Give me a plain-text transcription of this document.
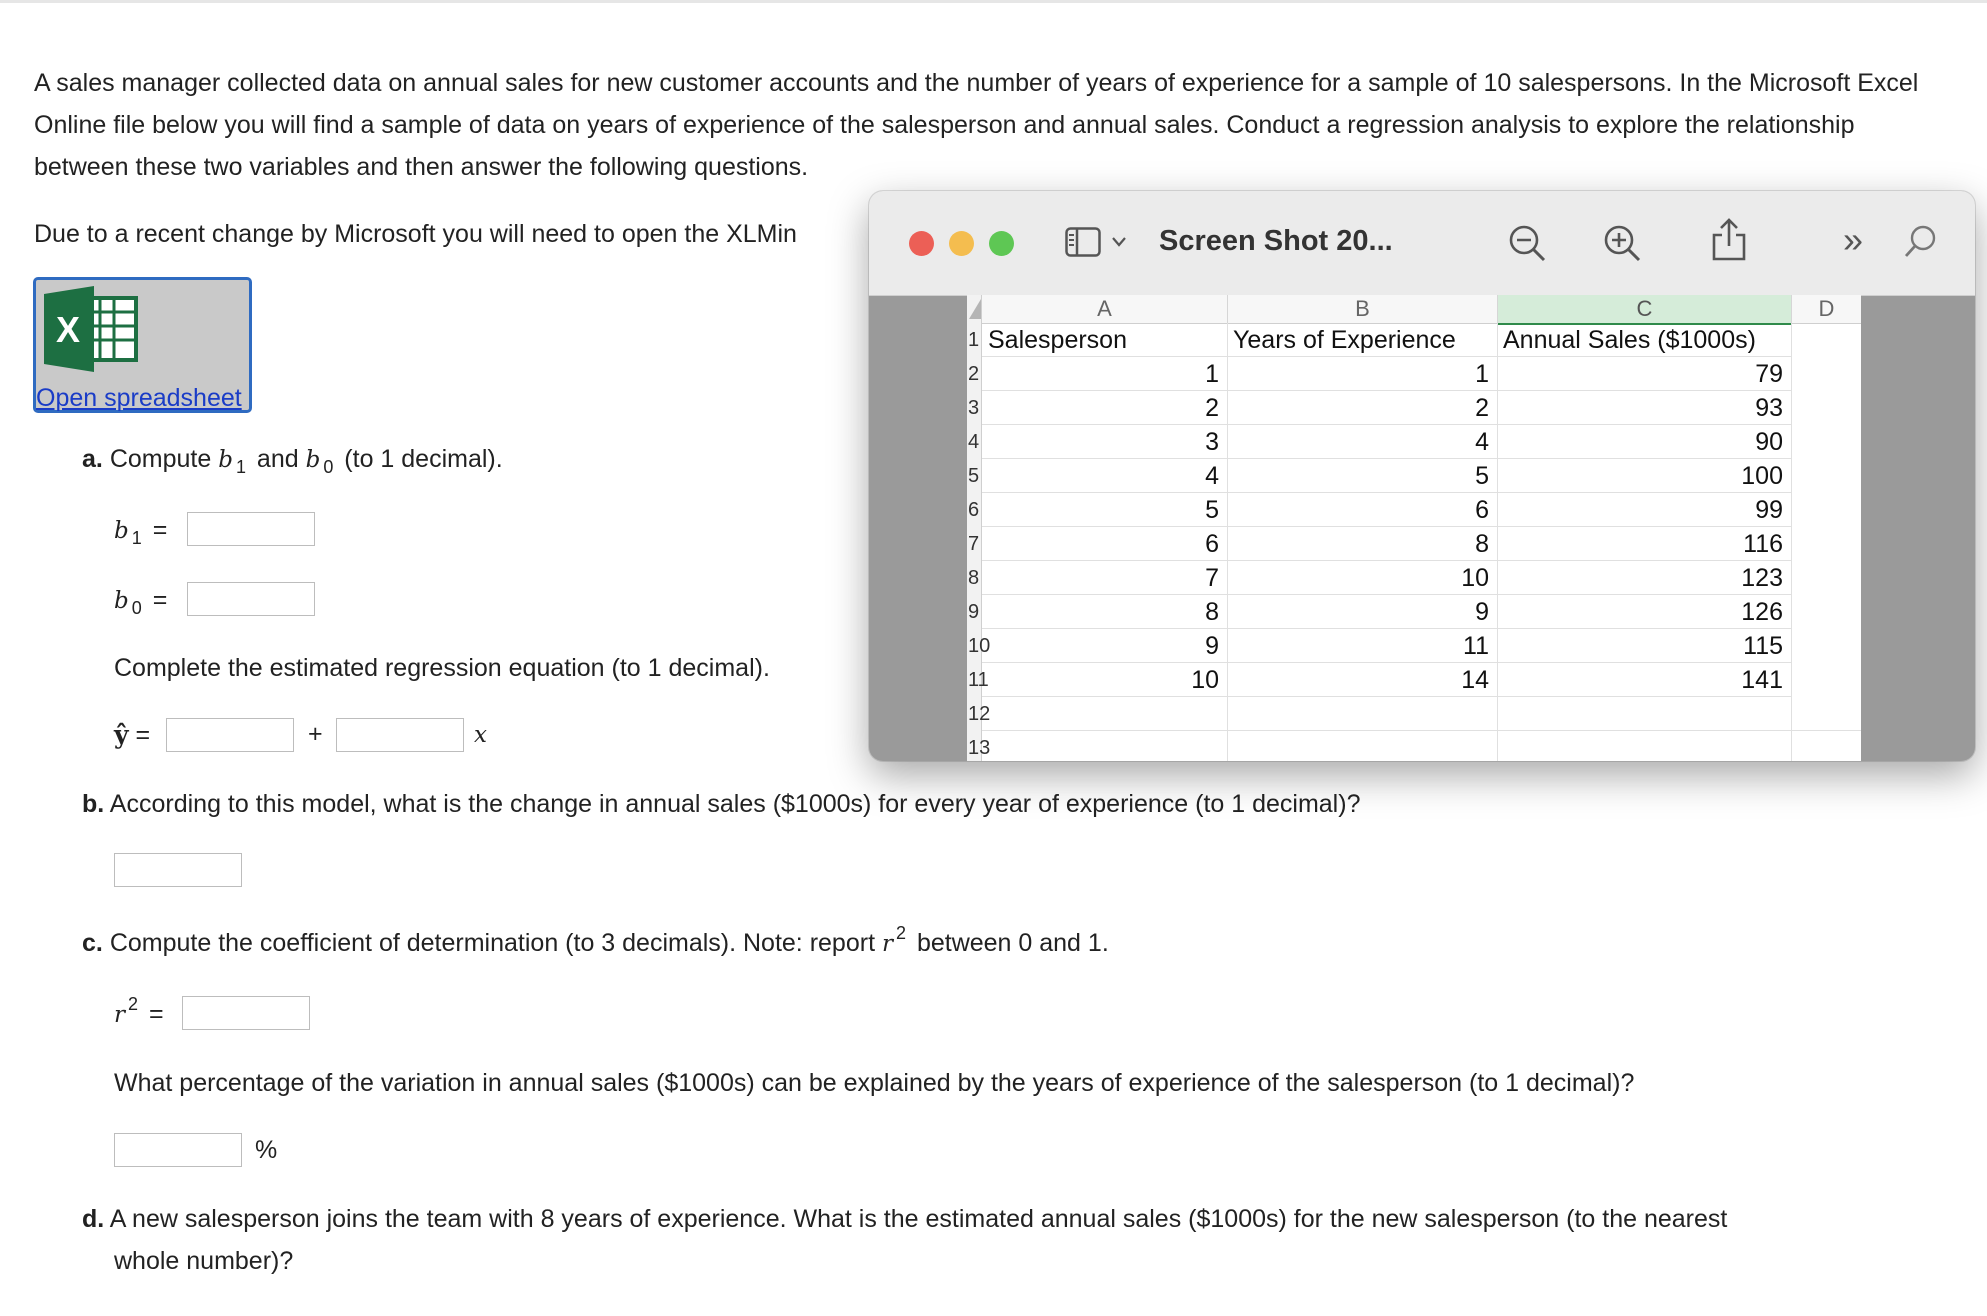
A sales manager collected data on annual sales for new customer accounts and the number of years of experience for a sample of 10 salespersons. In the Microsoft Excel Online file below you will find a sample of data on years of experience of the salesperson and annual sales. Conduct a regression analysis to explore the relationship between these two variables and then answer the following questions.
Due to a recent change by Microsoft you will need to open the XLMin
X
Open spreadsheet
a. Compute b $_1$ and b $_0$ (to 1 decimal).
b $_1$ =
b $_0$ =
Complete the estimated regression equation (to 1 decimal).
ŷ =	+	x
b. According to this model, what is the change in annual sales ($1000s) for every year of experience (to 1 decimal)?
c. Compute the coefficient of determination (to 3 decimals). Note: report r $^2$ between 0 and 1.
r $^2$ =
What percentage of the variation in annual sales ($1000s) can be explained by the years of experience of the salesperson (to 1 decimal)?
%
d. A new salesperson joins the team with 8 years of experience. What is the estimated annual sales ($1000s) for the new salesperson (to the nearest
whole number)?
Screen Shot 20...	»
A	B	C	D
1
2
3
4
5
6
7
8
9
10
11
12
13
Salesperson	Years of Experience	Annual Sales ($1000s)
1	1	79
2	2	93
3	4	90
4	5	100
5	6	99
6	8	116
7	10	123
8	9	126
9	11	115
10	14	141
